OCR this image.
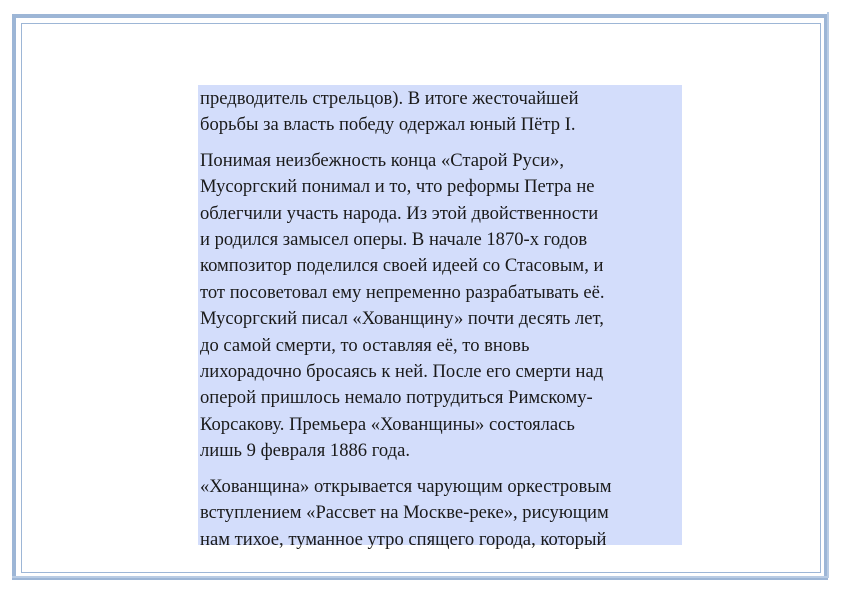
предводитель стрельцов). В итоге жесточайшей
борьбы за власть победу одержал юный Пётр I.

Понимая неизбежность конца «Старой Руси»,
Мусоргский понимал и то, что реформы Петра не
облегчили участь народа. Из этой двойственности
и родился замысел оперы. В начале 1870-х годов
композитор поделился своей идеей со Стасовым, и
тот посоветовал ему непременно разрабатывать её.
Мусоргский писал «Хованщину» почти десять лет,
до самой смерти, то оставляя её, то вновь
лихорадочно бросаясь к ней. После его смерти над
оперой пришлось немало потрудиться Римскому-
Корсакову. Премьера «Хованщины» состоялась
лишь 9 февраля 1886 года.

«Хованщина» открывается чарующим оркестровым
вступлением «Рассвет на Москве-реке», рисующим
нам тихое, туманное утро спящего города, который
